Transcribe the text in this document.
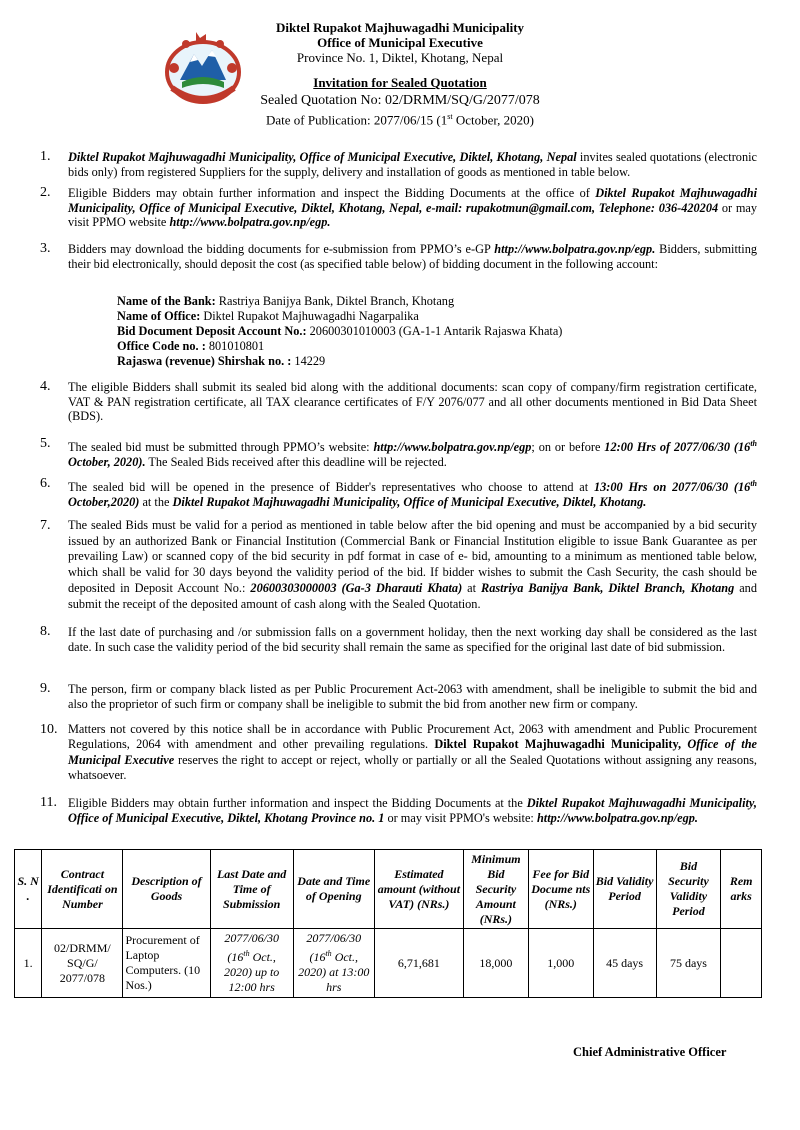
Diktel Rupakot Majhuwagadhi Municipality
Office of Municipal Executive
Province No. 1, Diktel, Khotang, Nepal
Invitation for Sealed Quotation
Sealed Quotation No: 02/DRMM/SQ/G/2077/078
Date of Publication: 2077/06/15 (1st October, 2020)
1. Diktel Rupakot Majhuwagadhi Municipality, Office of Municipal Executive, Diktel, Khotang, Nepal invites sealed quotations (electronic bids only) from registered Suppliers for the supply, delivery and installation of goods as mentioned in table below.
2. Eligible Bidders may obtain further information and inspect the Bidding Documents at the office of Diktel Rupakot Majhuwagadhi Municipality, Office of Municipal Executive, Diktel, Khotang, Nepal, e-mail: rupakotmun@gmail.com, Telephone: 036-420204 or may visit PPMO website http://www.bolpatra.gov.np/egp.
3. Bidders may download the bidding documents for e-submission from PPMO’s e-GP http://www.bolpatra.gov.np/egp. Bidders, submitting their bid electronically, should deposit the cost (as specified table below) of bidding document in the following account:
Name of the Bank: Rastriya Banijya Bank, Diktel Branch, Khotang
Name of Office: Diktel Rupakot Majhuwagadhi Nagarpalika
Bid Document Deposit Account No.: 20600301010003 (GA-1-1 Antarik Rajaswa Khata)
Office Code no. : 801010801
Rajaswa (revenue) Shirshak no. : 14229
4. The eligible Bidders shall submit its sealed bid along with the additional documents: scan copy of company/firm registration certificate, VAT & PAN registration certificate, all TAX clearance certificates of F/Y 2076/077 and all other documents mentioned in Bid Data Sheet (BDS).
5. The sealed bid must be submitted through PPMO’s website: http://www.bolpatra.gov.np/egp; on or before 12:00 Hrs of 2077/06/30 (16th October, 2020). The Sealed Bids received after this deadline will be rejected.
6. The sealed bid will be opened in the presence of Bidder's representatives who choose to attend at 13:00 Hrs on 2077/06/30 (16th October,2020) at the Diktel Rupakot Majhuwagadhi Municipality, Office of Municipal Executive, Diktel, Khotang.
7. The sealed Bids must be valid for a period as mentioned in table below after the bid opening and must be accompanied by a bid security issued by an authorized Bank or Financial Institution (Commercial Bank or Financial Institution eligible to issue Bank Guarantee as per prevailing Law) or scanned copy of the bid security in pdf format in case of e- bid, amounting to a minimum as mentioned table below, which shall be valid for 30 days beyond the validity period of the bid. If bidder wishes to submit the Cash Security, the cash should be deposited in Deposit Account No.: 20600303000003 (Ga-3 Dharauti Khata) at Rastriya Banijya Bank, Diktel Branch, Khotang and submit the receipt of the deposited amount of cash along with the Sealed Quotation.
8. If the last date of purchasing and /or submission falls on a government holiday, then the next working day shall be considered as the last date. In such case the validity period of the bid security shall remain the same as specified for the original last date of bid submission.
9. The person, firm or company black listed as per Public Procurement Act-2063 with amendment, shall be ineligible to submit the bid and also the proprietor of such firm or company shall be ineligible to submit the bid from another new firm or company.
10. Matters not covered by this notice shall be in accordance with Public Procurement Act, 2063 with amendment and Public Procurement Regulations, 2064 with amendment and other prevailing regulations. Diktel Rupakot Majhuwagadhi Municipality, Office of the Municipal Executive reserves the right to accept or reject, wholly or partially or all the Sealed Quotations without assigning any reasons, whatsoever.
11. Eligible Bidders may obtain further information and inspect the Bidding Documents at the Diktel Rupakot Majhuwagadhi Municipality, Office of Municipal Executive, Diktel, Khotang Province no. 1 or may visit PPMO's website: http://www.bolpatra.gov.np/egp.
S. N .	Contract Identificati on Number	Description of Goods	Last Date and Time of Submission	Date and Time of Opening	Estimated amount (without VAT) (NRs.)	Minimum Bid Security Amount (NRs.)	Fee for Bid Docume nts (NRs.)	Bid Validity Period	Bid Security Validity Period	Rem arks
1.	02/DRMM/ SQ/G/ 2077/078	Procurement of Laptop Computers. (10 Nos.)	2077/06/30 (16th Oct., 2020) up to 12:00 hrs	2077/06/30 (16th Oct., 2020) at 13:00 hrs	6,71,681	18,000	1,000	45 days	75 days	
Chief Administrative Officer
